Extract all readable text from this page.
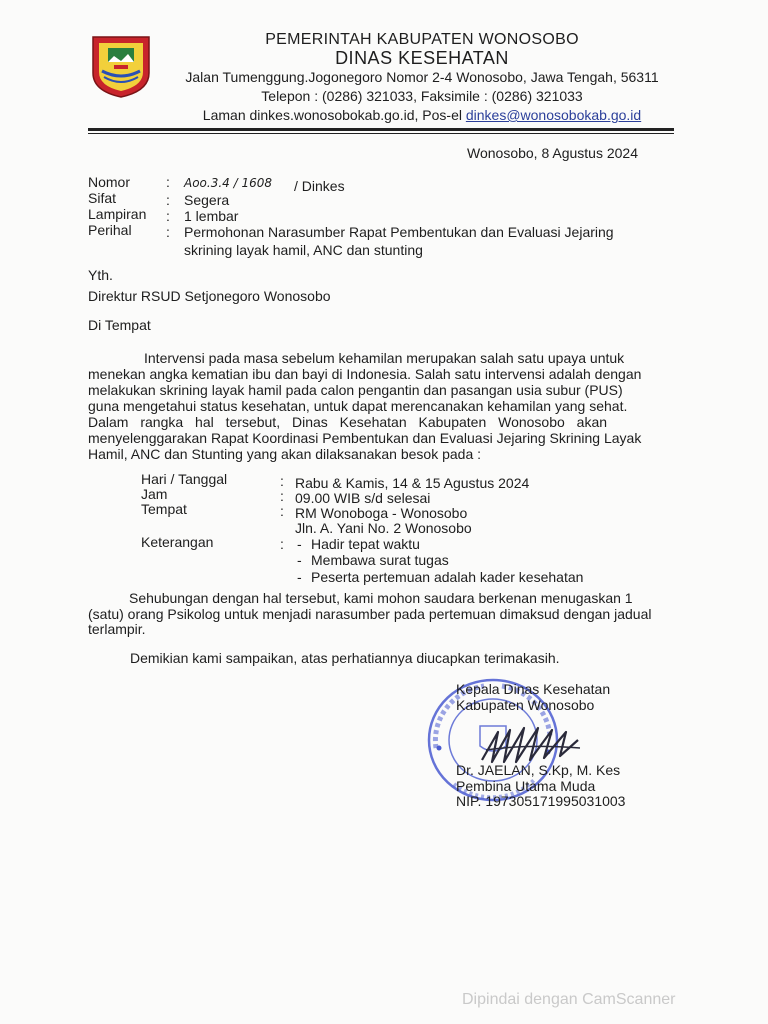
PEMERINTAH KABUPATEN WONOSOBO
DINAS KESEHATAN
Jalan Tumenggung.Jogonegoro Nomor 2-4 Wonosobo, Jawa Tengah, 56311
Telepon : (0286) 321033, Faksimile : (0286) 321033
Laman dinkes.wonosobokab.go.id, Pos-el dinkes@wonosobokab.go.id
Wonosobo, 8 Agustus 2024
Nomor	: Aoo.3.4 / 1608 / Dinkes
Sifat	: Segera
Lampiran : 1 lembar
Perihal : Permohonan Narasumber Rapat Pembentukan dan Evaluasi Jejaring
skrining layak hamil, ANC dan stunting
Yth.
Direktur RSUD Setjonegoro Wonosobo
Di Tempat
Intervensi pada masa sebelum kehamilan merupakan salah satu upaya untuk
menekan angka kematian ibu dan bayi di Indonesia. Salah satu intervensi adalah dengan
melakukan skrining layak hamil pada calon pengantin dan pasangan usia subur (PUS)
guna mengetahui status kesehatan, untuk dapat merencanakan kehamilan yang sehat.
Dalam rangka hal tersebut, Dinas Kesehatan Kabupaten Wonosobo akan
menyelenggarakan Rapat Koordinasi Pembentukan dan Evaluasi Jejaring Skrining Layak
Hamil, ANC dan Stunting yang akan dilaksanakan besok pada :
Hari / Tanggal	: Rabu & Kamis, 14 & 15 Agustus 2024
Jam	: 09.00 WIB s/d selesai
Tempat	: RM Wonoboga - Wonosobo
Jln. A. Yani No. 2 Wonosobo
Keterangan	: - Hadir tepat waktu
- Membawa surat tugas
- Peserta pertemuan adalah kader kesehatan
Sehubungan dengan hal tersebut, kami mohon saudara berkenan menugaskan 1
(satu) orang Psikolog untuk menjadi narasumber pada pertemuan dimaksud dengan jadual
terlampir.
Demikian kami sampaikan, atas perhatiannya diucapkan terimakasih.
Kepala Dinas Kesehatan
Kabupaten Wonosobo
Dr. JAELAN, S.Kp, M. Kes
Pembina Utama Muda
NIP. 197305171995031003
Dipindai dengan CamScanner
